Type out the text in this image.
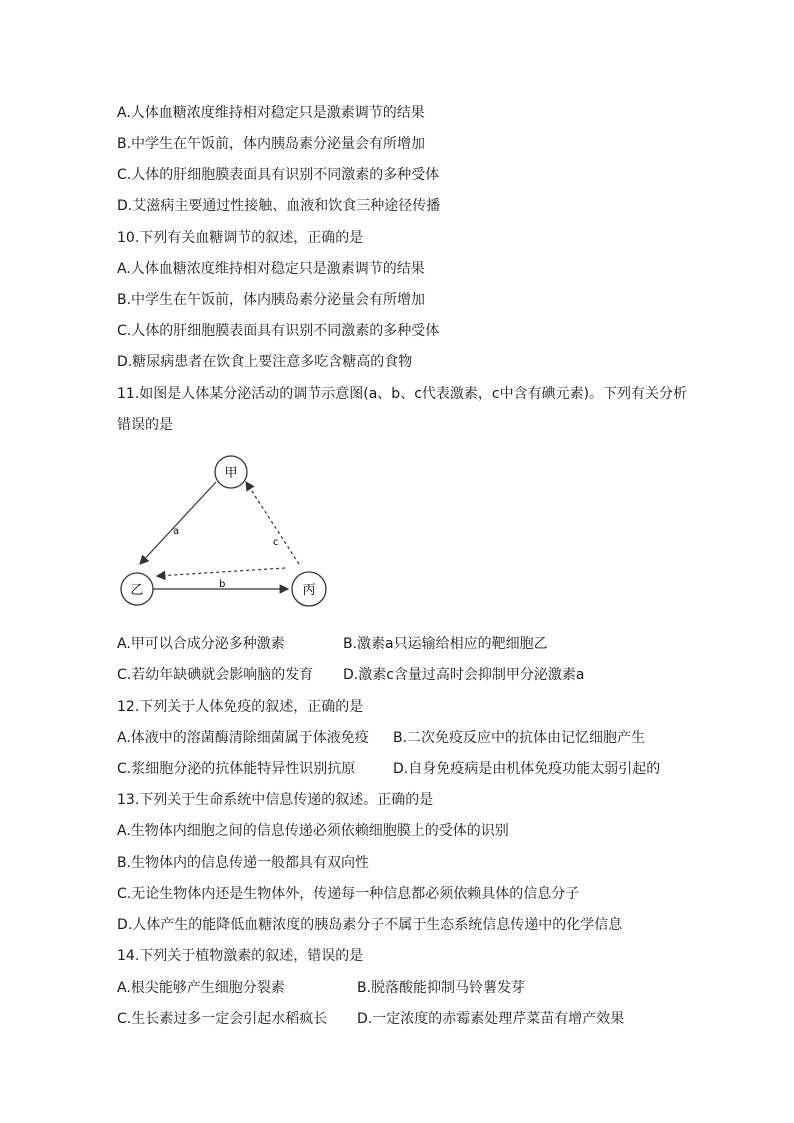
A.人体血糖浓度维持相对稳定只是激素调节的结果
B.中学生在午饭前，体内胰岛素分泌量会有所增加
C.人体的肝细胞膜表面具有识别不同激素的多种受体
D.艾滋病主要通过性接触、血液和饮食三种途径传播
10.下列有关血糖调节的叙述，正确的是
A.人体血糖浓度维持相对稳定只是激素调节的结果
B.中学生在午饭前，体内胰岛素分泌量会有所增加
C.人体的肝细胞膜表面具有识别不同激素的多种受体
D.糖尿病患者在饮食上要注意多吃含糖高的食物
11.如图是人体某分泌活动的调节示意图(a、b、c代表激素，c中含有碘元素)。下列有关分析
错误的是
甲
乙	丙
a
b
c
A.甲可以合成分泌多种激素	B.激素a只运输给相应的靶细胞乙
C.若幼年缺碘就会影响脑的发育 D.激素c含量过高时会抑制甲分泌激素a
12.下列关于人体免疫的叙述，正确的是
A.体液中的溶菌酶清除细菌属于体液免疫 B.二次免疫反应中的抗体由记忆细胞产生
C.浆细胞分泌的抗体能特异性识别抗原	D.自身免疫病是由机体免疫功能太弱引起的
13.下列关于生命系统中信息传递的叙述。正确的是
A.生物体内细胞之间的信息传递必须依赖细胞膜上的受体的识别
B.生物体内的信息传递一般都具有双向性
C.无论生物体内还是生物体外，传递每一种信息都必须依赖具体的信息分子
D.人体产生的能降低血糖浓度的胰岛素分子不属于生态系统信息传递中的化学信息
14.下列关于植物激素的叙述，错误的是
A.根尖能够产生细胞分裂素	B.脱落酸能抑制马铃薯发芽
C.生长素过多一定会引起水稻疯长 D.一定浓度的赤霉素处理芹菜苗有增产效果
